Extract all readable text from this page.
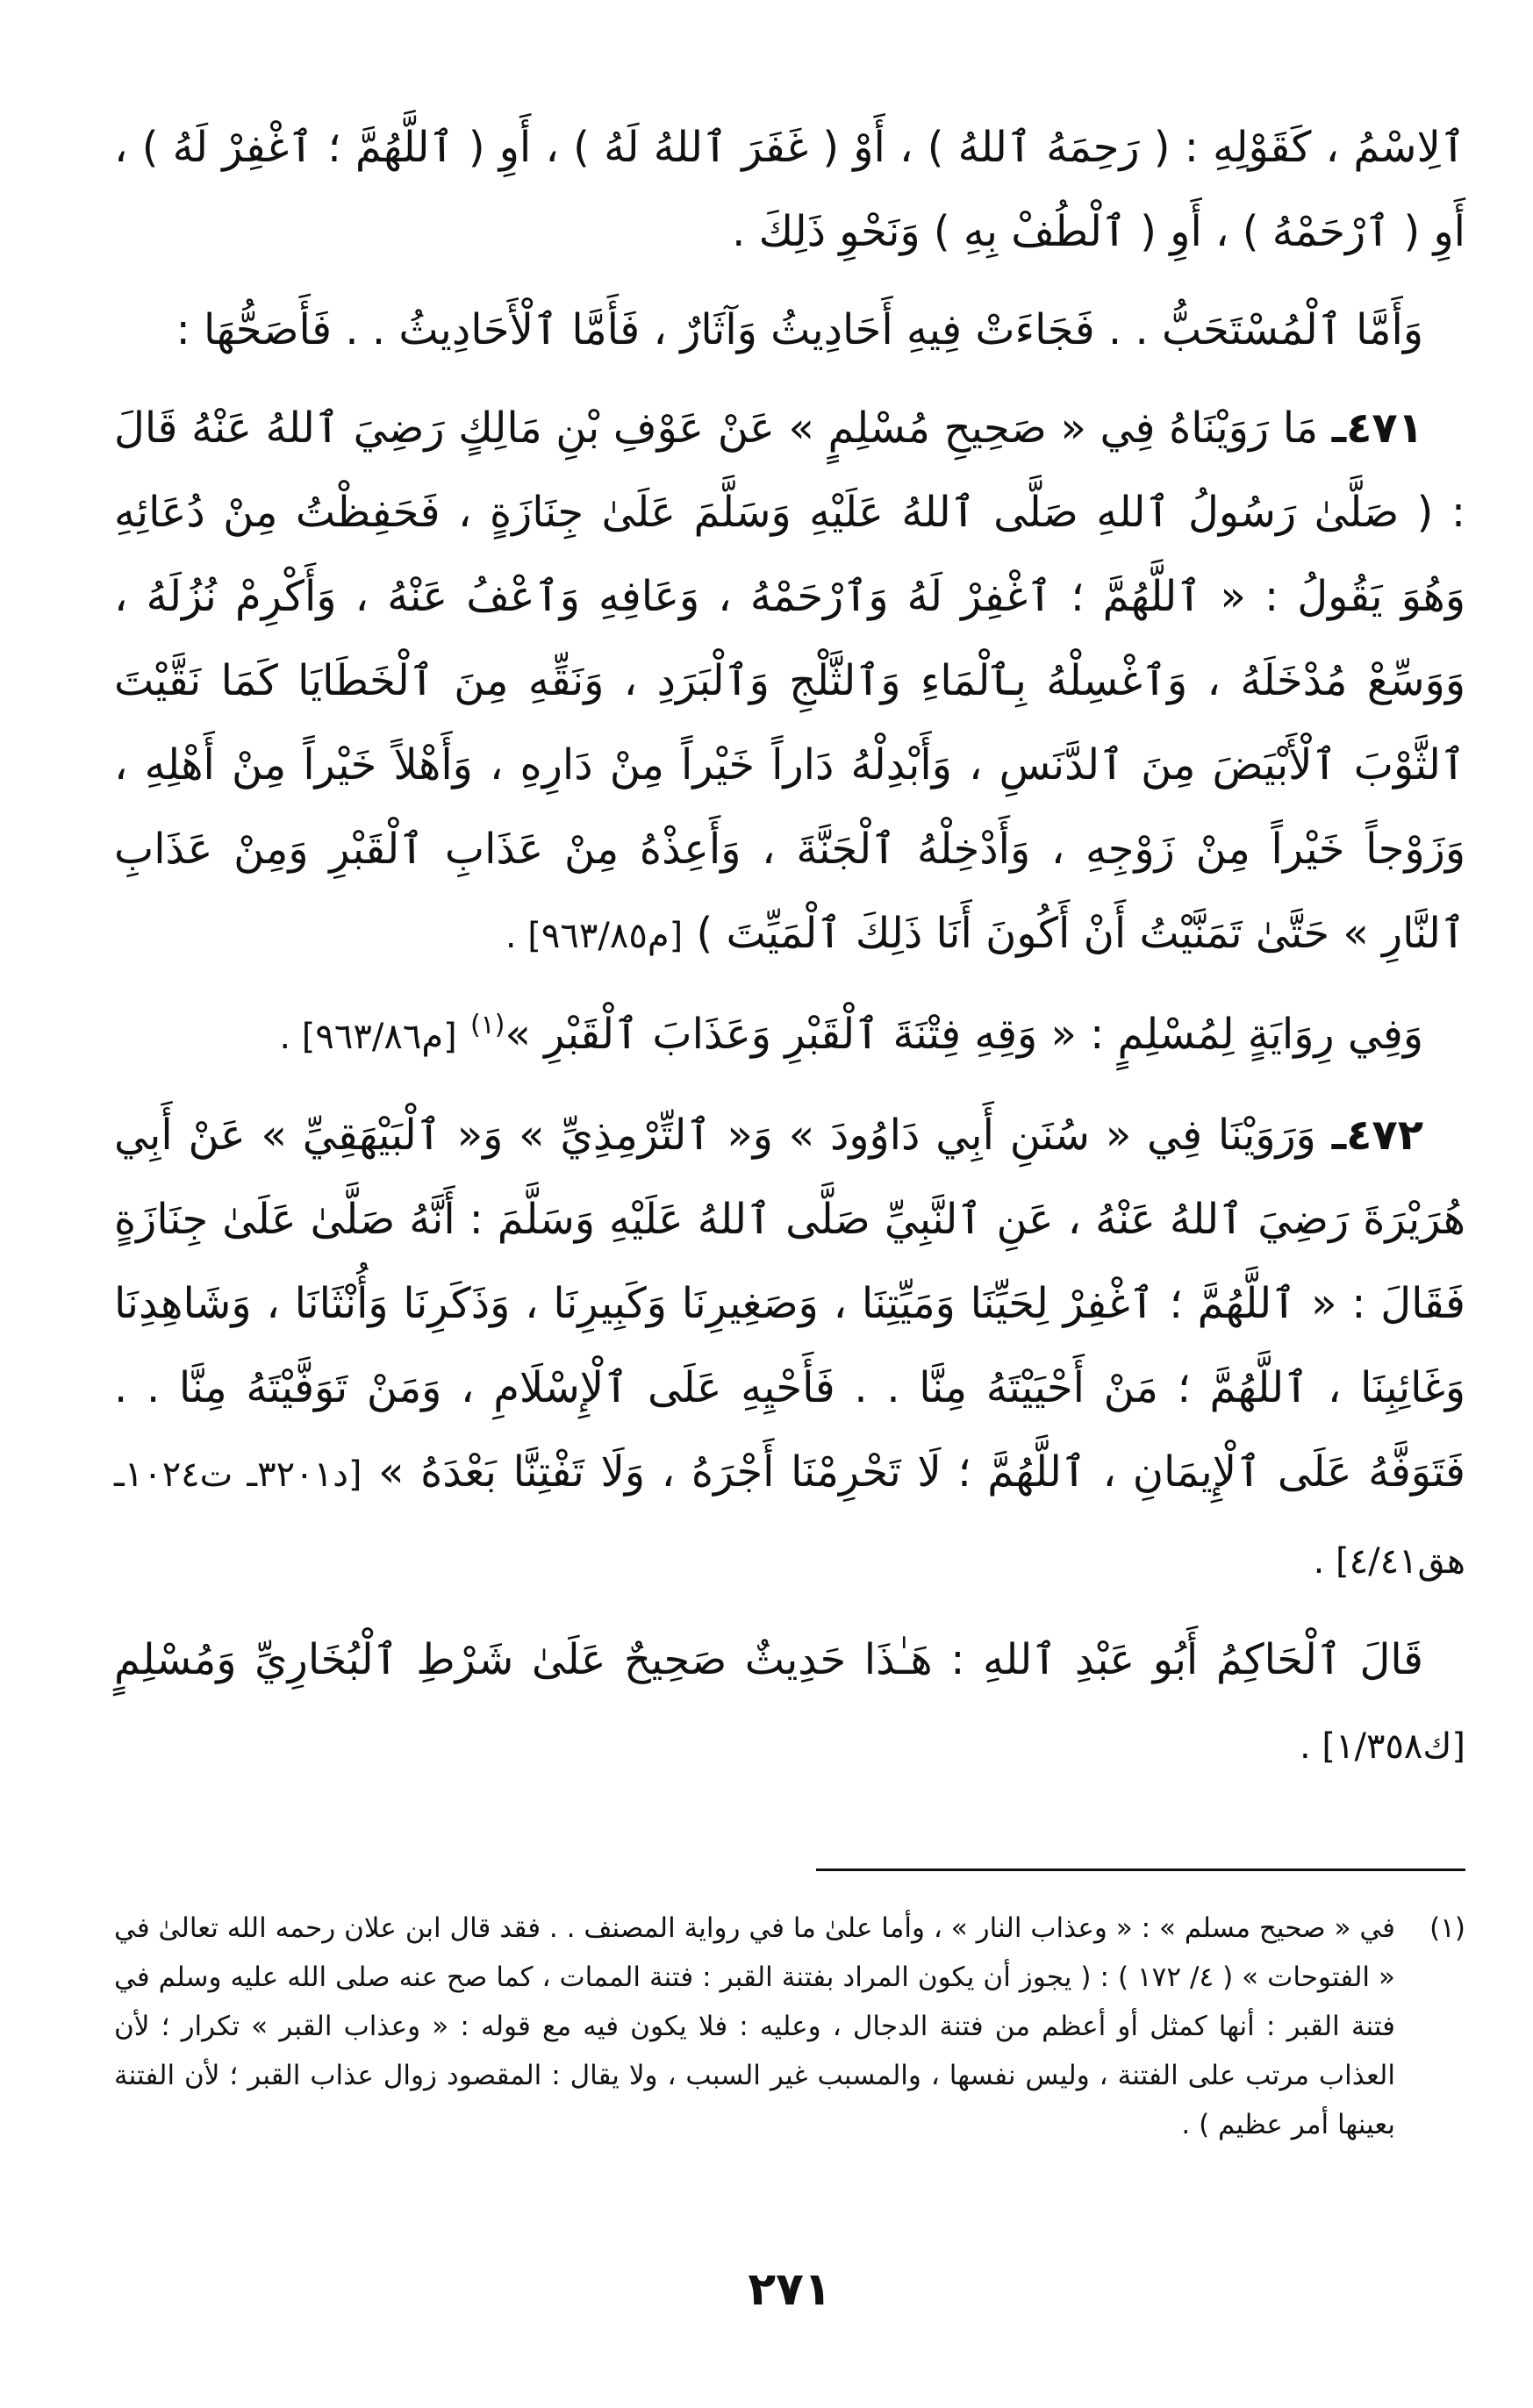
ٱلِاسْمُ ، كَقَوْلِهِ : ( رَحِمَهُ ٱللهُ ) ، أَوْ ( غَفَرَ ٱللهُ لَهُ ) ، أَوِ ( ٱللَّهُمَّ ؛ ٱغْفِرْ لَهُ ) ، أَوِ ( ٱرْحَمْهُ ) ، أَوِ ( ٱلْطُفْ بِهِ ) وَنَحْوِ ذَلِكَ .

وَأَمَّا ٱلْمُسْتَحَبُّ . . فَجَاءَتْ فِيهِ أَحَادِيثُ وَآثَارٌ ، فَأَمَّا ٱلْأَحَادِيثُ . . فَأَصَحُّهَا :

٤٧١ـ مَا رَوَيْنَاهُ فِي « صَحِيحِ مُسْلِمٍ » عَنْ عَوْفِ بْنِ مَالِكٍ رَضِيَ ٱللهُ عَنْهُ قَالَ : ( صَلَّىٰ رَسُولُ ٱللهِ صَلَّى ٱللهُ عَلَيْهِ وَسَلَّمَ عَلَىٰ جِنَازَةٍ ، فَحَفِظْتُ مِنْ دُعَائِهِ وَهُوَ يَقُولُ : « ٱللَّهُمَّ ؛ ٱغْفِرْ لَهُ وَٱرْحَمْهُ ، وَعَافِهِ وَٱعْفُ عَنْهُ ، وَأَكْرِمْ نُزُلَهُ ، وَوَسِّعْ مُدْخَلَهُ ، وَٱغْسِلْهُ بِٱلْمَاءِ وَٱلثَّلْجِ وَٱلْبَرَدِ ، وَنَقِّهِ مِنَ ٱلْخَطَايَا كَمَا نَقَّيْتَ ٱلثَّوْبَ ٱلْأَبْيَضَ مِنَ ٱلدَّنَسِ ، وَأَبْدِلْهُ دَاراً خَيْراً مِنْ دَارِهِ ، وَأَهْلاً خَيْراً مِنْ أَهْلِهِ ، وَزَوْجاً خَيْراً مِنْ زَوْجِهِ ، وَأَدْخِلْهُ ٱلْجَنَّةَ ، وَأَعِذْهُ مِنْ عَذَابِ ٱلْقَبْرِ وَمِنْ عَذَابِ ٱلنَّارِ » حَتَّىٰ تَمَنَّيْتُ أَنْ أَكُونَ أَنَا ذَلِكَ ٱلْمَيِّتَ ) [م٩٦٣/٨٥] .

وَفِي رِوَايَةٍ لِمُسْلِمٍ : « وَقِهِ فِتْنَةَ ٱلْقَبْرِ وَعَذَابَ ٱلْقَبْرِ »$^{(١)}$ [م٩٦٣/٨٦] .

٤٧٢ـ وَرَوَيْنَا فِي « سُنَنِ أَبِي دَاوُودَ » وَ« ٱلتِّرْمِذِيِّ » وَ« ٱلْبَيْهَقِيِّ » عَنْ أَبِي هُرَيْرَةَ رَضِيَ ٱللهُ عَنْهُ ، عَنِ ٱلنَّبِيِّ صَلَّى ٱللهُ عَلَيْهِ وَسَلَّمَ : أَنَّهُ صَلَّىٰ عَلَىٰ جِنَازَةٍ فَقَالَ : « ٱللَّهُمَّ ؛ ٱغْفِرْ لِحَيِّنَا وَمَيِّتِنَا ، وَصَغِيرِنَا وَكَبِيرِنَا ، وَذَكَرِنَا وَأُنْثَانَا ، وَشَاهِدِنَا وَغَائِبِنَا ، ٱللَّهُمَّ ؛ مَنْ أَحْيَيْتَهُ مِنَّا . . فَأَحْيِهِ عَلَى ٱلْإِسْلَامِ ، وَمَنْ تَوَفَّيْتَهُ مِنَّا . . فَتَوَفَّهُ عَلَى ٱلْإِيمَانِ ، ٱللَّهُمَّ ؛ لَا تَحْرِمْنَا أَجْرَهُ ، وَلَا تَفْتِنَّا بَعْدَهُ » [د٣٢٠١ـ ت١٠٢٤ـ هق٤/٤١] .

قَالَ ٱلْحَاكِمُ أَبُو عَبْدِ ٱللهِ : هَـٰذَا حَدِيثٌ صَحِيحٌ عَلَىٰ شَرْطِ ٱلْبُخَارِيِّ وَمُسْلِمٍ [ك١/٣٥٨] .

(١)
في « صحيح مسلم » : « وعذاب النار » ، وأما علىٰ ما في رواية المصنف . . فقد قال ابن علان رحمه الله تعالىٰ في « الفتوحات » ( ٤/ ١٧٢ ) : ( يجوز أن يكون المراد بفتنة القبر : فتنة الممات ، كما صح عنه صلى الله عليه وسلم في فتنة القبر : أنها كمثل أو أعظم من فتنة الدجال ، وعليه : فلا يكون فيه مع قوله : « وعذاب القبر » تكرار ؛ لأن العذاب مرتب على الفتنة ، وليس نفسها ، والمسبب غير السبب ، ولا يقال : المقصود زوال عذاب القبر ؛ لأن الفتنة بعينها أمر عظيم ) .
٢٧١
